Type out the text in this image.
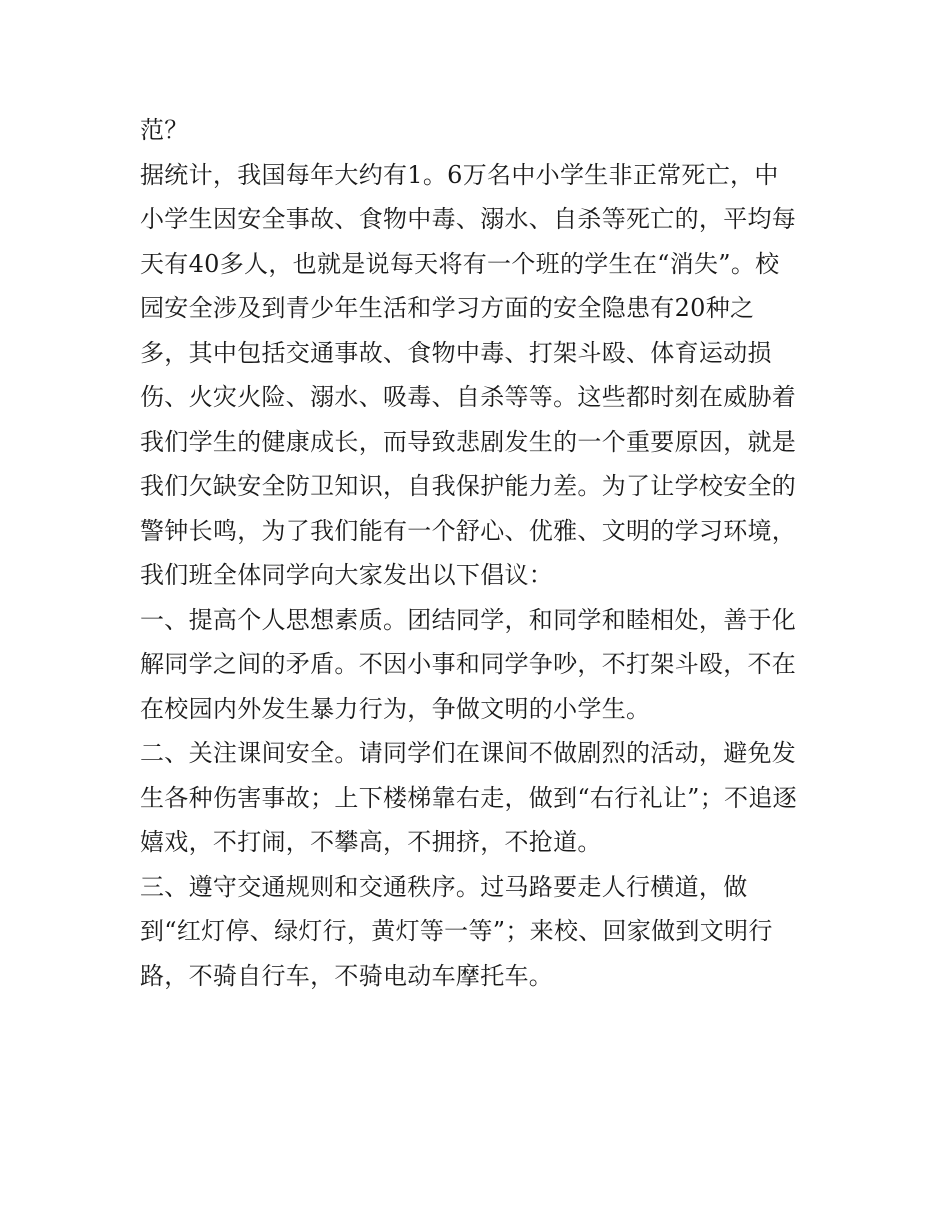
范？
据统计，我国每年大约有1。6万名中小学生非正常死亡，中
小学生因安全事故、食物中毒、溺水、自杀等死亡的，平均每
天有40多人，也就是说每天将有一个班的学生在“消失”。校
园安全涉及到青少年生活和学习方面的安全隐患有20种之
多，其中包括交通事故、食物中毒、打架斗殴、体育运动损
伤、火灾火险、溺水、吸毒、自杀等等。这些都时刻在威胁着
我们学生的健康成长，而导致悲剧发生的一个重要原因，就是
我们欠缺安全防卫知识，自我保护能力差。为了让学校安全的
警钟长鸣，为了我们能有一个舒心、优雅、文明的学习环境，
我们班全体同学向大家发出以下倡议：
一、提高个人思想素质。团结同学，和同学和睦相处，善于化
解同学之间的矛盾。不因小事和同学争吵，不打架斗殴，不在
在校园内外发生暴力行为，争做文明的小学生。
二、关注课间安全。请同学们在课间不做剧烈的活动，避免发
生各种伤害事故；上下楼梯靠右走，做到“右行礼让”；不追逐
嬉戏，不打闹，不攀高，不拥挤，不抢道。
三、遵守交通规则和交通秩序。过马路要走人行横道，做
到“红灯停、绿灯行，黄灯等一等”；来校、回家做到文明行
路，不骑自行车，不骑电动车摩托车。
